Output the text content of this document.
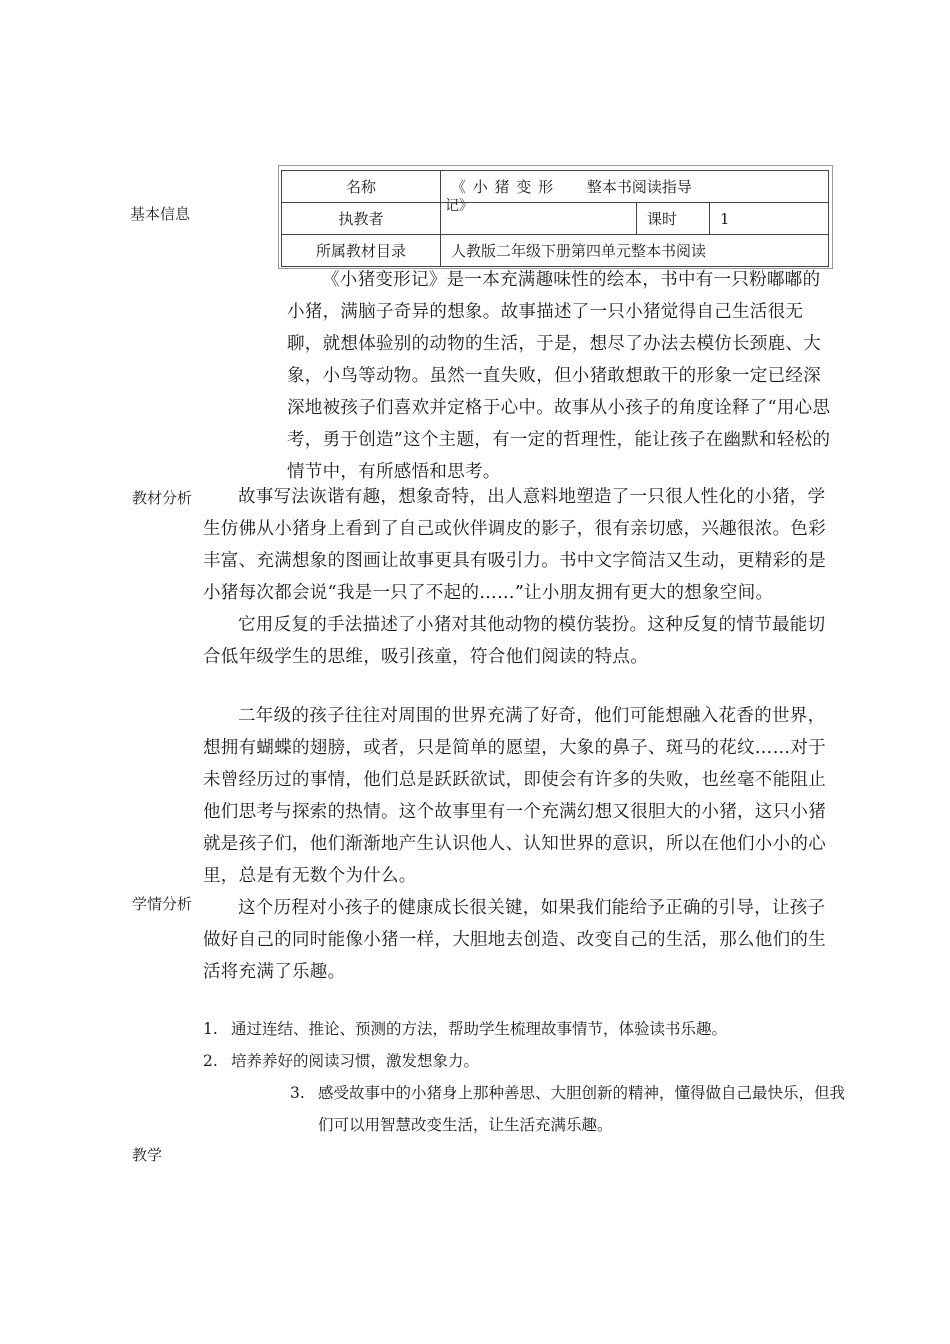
基本信息
教材分析
学情分析
教学
名称	《 小 猪 变 形 整本书阅读指导
记》		

执教者		课时	1
所属教材目录	人教版二年级下册第四单元整本书阅读		

《小猪变形记》是一本充满趣味性的绘本，书中有一只粉嘟嘟的小猪，满脑子奇异的想象。故事描述了一只小猪觉得自己生活很无聊，就想体验别的动物的生活，于是，想尽了办法去模仿长颈鹿、大象，小鸟等动物。虽然一直失败，但小猪敢想敢干的形象一定已经深深地被孩子们喜欢并定格于心中。故事从小孩子的角度诠释了“用心思考，勇于创造”这个主题，有一定的哲理性，能让孩子在幽默和轻松的情节中，有所感悟和思考。

故事写法诙谐有趣，想象奇特，出人意料地塑造了一只很人性化的小猪，学生仿佛从小猪身上看到了自己或伙伴调皮的影子，很有亲切感，兴趣很浓。色彩丰富、充满想象的图画让故事更具有吸引力。书中文字简洁又生动，更精彩的是小猪每次都会说“我是一只了不起的……”让小朋友拥有更大的想象空间。

它用反复的手法描述了小猪对其他动物的模仿装扮。这种反复的情节最能切合低年级学生的思维，吸引孩童，符合他们阅读的特点。

二年级的孩子往往对周围的世界充满了好奇，他们可能想融入花香的世界，想拥有蝴蝶的翅膀，或者，只是简单的愿望，大象的鼻子、斑马的花纹……对于未曾经历过的事情，他们总是跃跃欲试，即使会有许多的失败，也丝毫不能阻止他们思考与探索的热情。这个故事里有一个充满幻想又很胆大的小猪，这只小猪就是孩子们，他们渐渐地产生认识他人、认知世界的意识，所以在他们小小的心里，总是有无数个为什么。

这个历程对小孩子的健康成长很关键，如果我们能给予正确的引导，让孩子做好自己的同时能像小猪一样，大胆地去创造、改变自己的生活，那么他们的生活将充满了乐趣。

1. 通过连结、推论、预测的方法，帮助学生梳理故事情节，体验读书乐趣。
2. 培养养好的阅读习惯，激发想象力。
3. 感受故事中的小猪身上那种善思、大胆创新的精神，懂得做自己最快乐，但我们可以用智慧改变生活，让生活充满乐趣。
